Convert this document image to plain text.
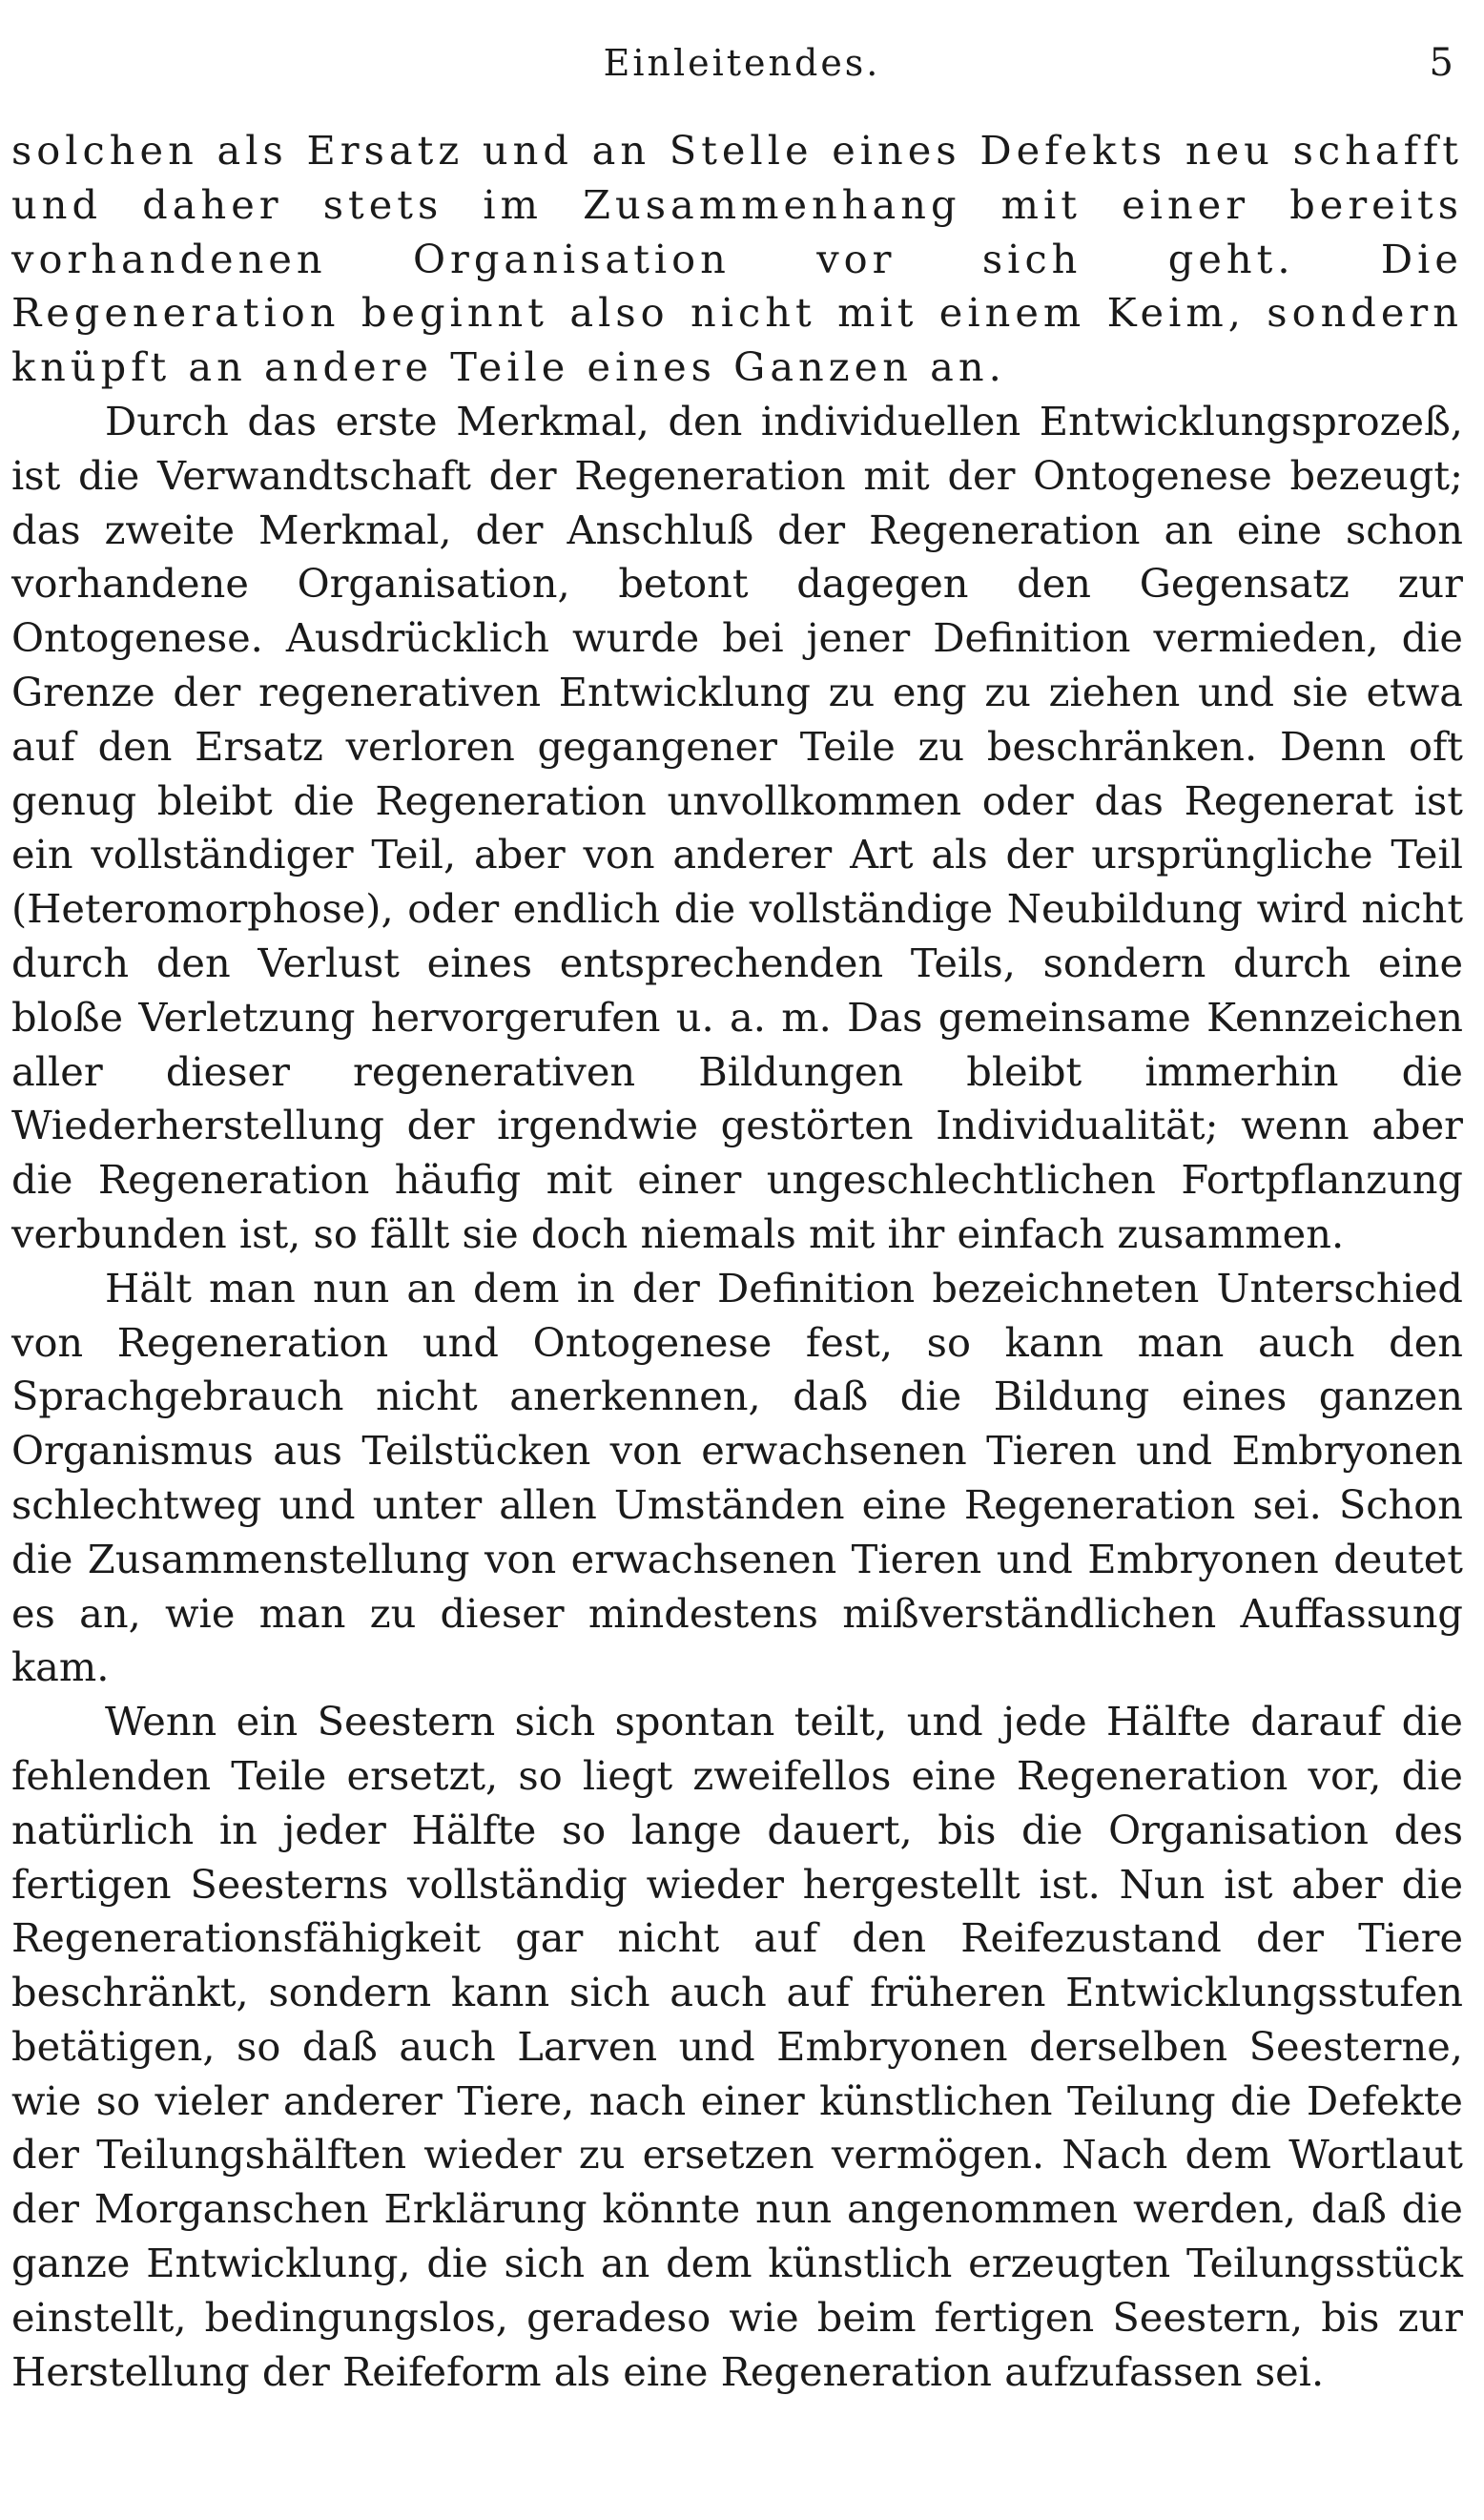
Einleitendes.	5

solchen als Ersatz und an Stelle eines Defekts neu schafft und daher stets im Zusammenhang mit einer bereits vorhandenen Organisation vor sich geht. Die Regeneration beginnt also nicht mit einem Keim, sondern knüpft an andere Teile eines Ganzen an.

Durch das erste Merkmal, den individuellen Entwicklungsprozeß, ist die Verwandtschaft der Regeneration mit der Ontogenese bezeugt; das zweite Merkmal, der Anschluß der Regeneration an eine schon vorhandene Organisation, betont dagegen den Gegensatz zur Ontogenese. Ausdrücklich wurde bei jener Definition vermieden, die Grenze der regenerativen Entwicklung zu eng zu ziehen und sie etwa auf den Ersatz verloren gegangener Teile zu beschränken. Denn oft genug bleibt die Regeneration unvollkommen oder das Regenerat ist ein vollständiger Teil, aber von anderer Art als der ursprüngliche Teil (Heteromorphose), oder endlich die vollständige Neubildung wird nicht durch den Verlust eines entsprechenden Teils, sondern durch eine bloße Verletzung hervorgerufen u. a. m. Das gemeinsame Kennzeichen aller dieser regenerativen Bildungen bleibt immerhin die Wiederherstellung der irgendwie gestörten Individualität; wenn aber die Regeneration häufig mit einer ungeschlechtlichen Fortpflanzung verbunden ist, so fällt sie doch niemals mit ihr einfach zusammen.

Hält man nun an dem in der Definition bezeichneten Unterschied von Regeneration und Ontogenese fest, so kann man auch den Sprachgebrauch nicht anerkennen, daß die Bildung eines ganzen Organismus aus Teilstücken von erwachsenen Tieren und Embryonen schlechtweg und unter allen Umständen eine Regeneration sei. Schon die Zusammenstellung von erwachsenen Tieren und Embryonen deutet es an, wie man zu dieser mindestens mißverständlichen Auffassung kam.

Wenn ein Seestern sich spontan teilt, und jede Hälfte darauf die fehlenden Teile ersetzt, so liegt zweifellos eine Regeneration vor, die natürlich in jeder Hälfte so lange dauert, bis die Organisation des fertigen Seesterns vollständig wieder hergestellt ist. Nun ist aber die Regenerationsfähigkeit gar nicht auf den Reifezustand der Tiere beschränkt, sondern kann sich auch auf früheren Entwicklungsstufen betätigen, so daß auch Larven und Embryonen derselben Seesterne, wie so vieler anderer Tiere, nach einer künstlichen Teilung die Defekte der Teilungshälften wieder zu ersetzen vermögen. Nach dem Wortlaut der Morganschen Erklärung könnte nun angenommen werden, daß die ganze Entwicklung, die sich an dem künstlich erzeugten Teilungsstück einstellt, bedingungslos, geradeso wie beim fertigen Seestern, bis zur Herstellung der Reifeform als eine Regeneration aufzufassen sei.
